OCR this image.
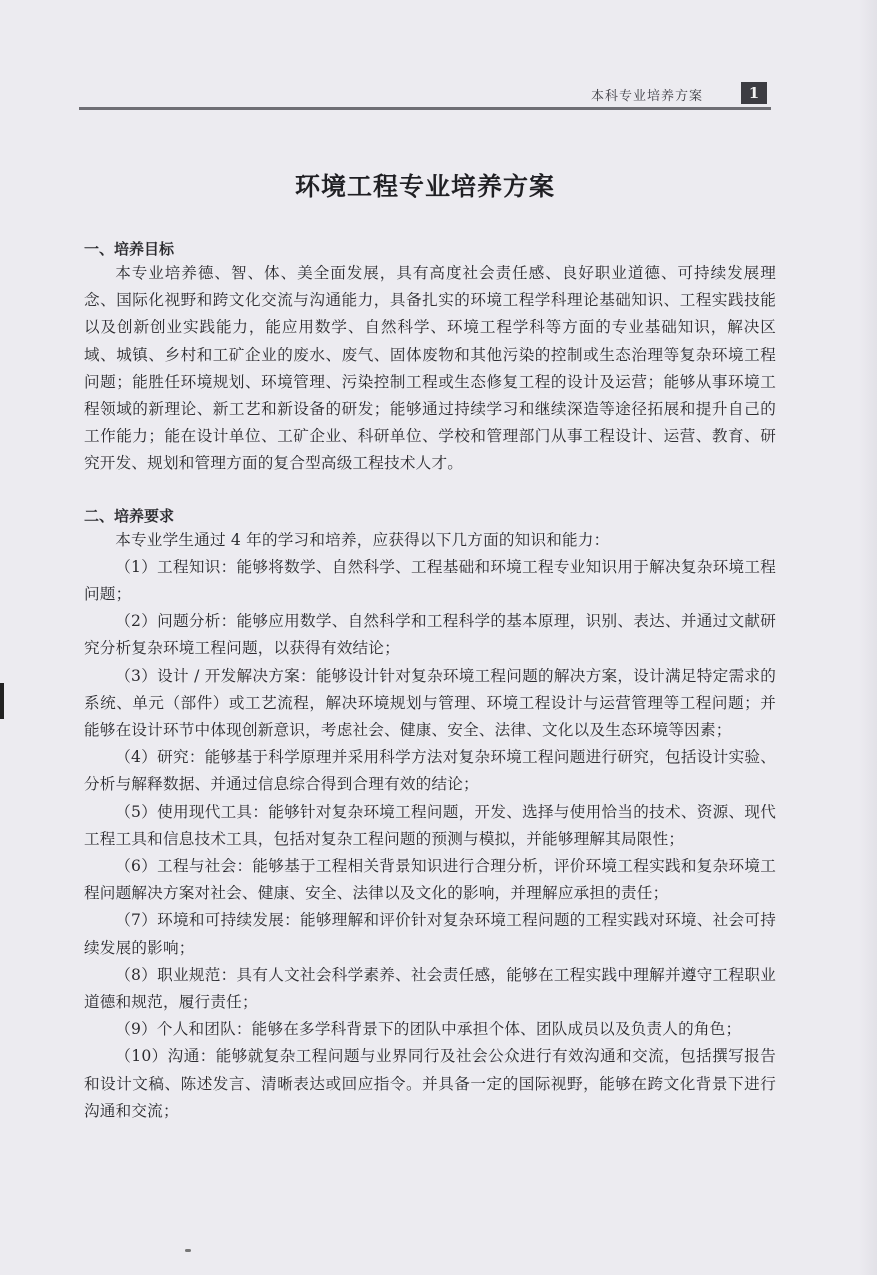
本科专业培养方案	1
环境工程专业培养方案
一、培养目标

本专业培养德、智、体、美全面发展，具有高度社会责任感、良好职业道德、可持续发展理念、国际化视野和跨文化交流与沟通能力，具备扎实的环境工程学科理论基础知识、工程实践技能以及创新创业实践能力，能应用数学、自然科学、环境工程学科等方面的专业基础知识，解决区域、城镇、乡村和工矿企业的废水、废气、固体废物和其他污染的控制或生态治理等复杂环境工程问题；能胜任环境规划、环境管理、污染控制工程或生态修复工程的设计及运营；能够从事环境工程领域的新理论、新工艺和新设备的研发；能够通过持续学习和继续深造等途径拓展和提升自己的工作能力；能在设计单位、工矿企业、科研单位、学校和管理部门从事工程设计、运营、教育、研究开发、规划和管理方面的复合型高级工程技术人才。

二、培养要求

本专业学生通过 4 年的学习和培养，应获得以下几方面的知识和能力：

（1）工程知识：能够将数学、自然科学、工程基础和环境工程专业知识用于解决复杂环境工程问题；

（2）问题分析：能够应用数学、自然科学和工程科学的基本原理，识别、表达、并通过文献研究分析复杂环境工程问题，以获得有效结论；

（3）设计 / 开发解决方案：能够设计针对复杂环境工程问题的解决方案，设计满足特定需求的系统、单元（部件）或工艺流程，解决环境规划与管理、环境工程设计与运营管理等工程问题；并能够在设计环节中体现创新意识，考虑社会、健康、安全、法律、文化以及生态环境等因素；

（4）研究：能够基于科学原理并采用科学方法对复杂环境工程问题进行研究，包括设计实验、分析与解释数据、并通过信息综合得到合理有效的结论；

（5）使用现代工具：能够针对复杂环境工程问题，开发、选择与使用恰当的技术、资源、现代工程工具和信息技术工具，包括对复杂工程问题的预测与模拟，并能够理解其局限性；

（6）工程与社会：能够基于工程相关背景知识进行合理分析，评价环境工程实践和复杂环境工程问题解决方案对社会、健康、安全、法律以及文化的影响，并理解应承担的责任；

（7）环境和可持续发展：能够理解和评价针对复杂环境工程问题的工程实践对环境、社会可持续发展的影响；

（8）职业规范：具有人文社会科学素养、社会责任感，能够在工程实践中理解并遵守工程职业道德和规范，履行责任；

（9）个人和团队：能够在多学科背景下的团队中承担个体、团队成员以及负责人的角色；

（10）沟通：能够就复杂工程问题与业界同行及社会公众进行有效沟通和交流，包括撰写报告和设计文稿、陈述发言、清晰表达或回应指令。并具备一定的国际视野，能够在跨文化背景下进行沟通和交流；
